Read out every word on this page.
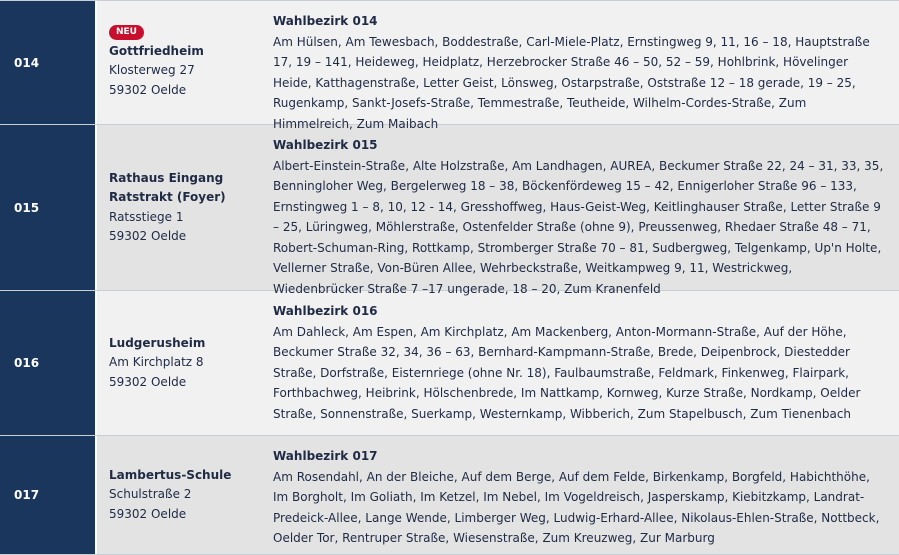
014
NEU
Gottfriedheim
Klosterweg 27
59302 Oelde
Wahlbezirk 014
Am Hülsen, Am Tewesbach, Boddestraße, Carl-Miele-Platz, Ernstingweg 9, 11, 16 – 18, Hauptstraße 17, 19 – 141, Heideweg, Heidplatz, Herzebrocker Straße 46 – 50, 52 – 59, Hohlbrink, Hövelinger Heide, Katthagenstraße, Letter Geist, Lönsweg, Ostarpstraße, Oststraße 12 – 18 gerade, 19 – 25, Rugenkamp, Sankt-Josefs-Straße, Temmestraße, Teutheide, Wilhelm-Cordes-Straße, Zum Himmelreich, Zum Maibach
015
Rathaus Eingang
Ratstrakt (Foyer)
Ratsstiege 1
59302 Oelde
Wahlbezirk 015
Albert-Einstein-Straße, Alte Holzstraße, Am Landhagen, AUREA, Beckumer Straße 22, 24 – 31, 33, 35, Benningloher Weg, Bergelerweg 18 – 38, Böckenfördeweg 15 – 42, Ennigerloher Straße 96 – 133, Ernstingweg 1 – 8, 10, 12 - 14, Gresshoffweg, Haus-Geist-Weg, Keitlinghauser Straße, Letter Straße 9 – 25, Lüringweg, Möhlerstraße, Ostenfelder Straße (ohne 9), Preussenweg, Rhedaer Straße 48 – 71, Robert-Schuman-Ring, Rottkamp, Stromberger Straße 70 – 81, Sudbergweg, Telgenkamp, Up'n Holte, Vellerner Straße, Von-Büren Allee, Wehrbeckstraße, Weitkampweg 9, 11, Westrickweg, Wiedenbrücker Straße 7 –17 ungerade, 18 – 20, Zum Kranenfeld
016
Ludgerusheim
Am Kirchplatz 8
59302 Oelde
Wahlbezirk 016
Am Dahleck, Am Espen, Am Kirchplatz, Am Mackenberg, Anton-Mormann-Straße, Auf der Höhe, Beckumer Straße 32, 34, 36 – 63, Bernhard-Kampmann-Straße, Brede, Deipenbrock, Diestedder Straße, Dorfstraße, Eisternriege (ohne Nr. 18), Faulbaumstraße, Feldmark, Finkenweg, Flairpark, Forthbachweg, Heibrink, Hölschenbrede, Im Nattkamp, Kornweg, Kurze Straße, Nordkamp, Oelder Straße, Sonnenstraße, Suerkamp, Westernkamp, Wibberich, Zum Stapelbusch, Zum Tienenbach
017
Lambertus-Schule
Schulstraße 2
59302 Oelde
Wahlbezirk 017
Am Rosendahl, An der Bleiche, Auf dem Berge, Auf dem Felde, Birkenkamp, Borgfeld, Habichthöhe, Im Borgholt, Im Goliath, Im Ketzel, Im Nebel, Im Vogeldreisch, Jasperskamp, Kiebitzkamp, Landrat-Predeick-Allee, Lange Wende, Limberger Weg, Ludwig-Erhard-Allee, Nikolaus-Ehlen-Straße, Nottbeck, Oelder Tor, Rentruper Straße, Wiesenstraße, Zum Kreuzweg, Zur Marburg
